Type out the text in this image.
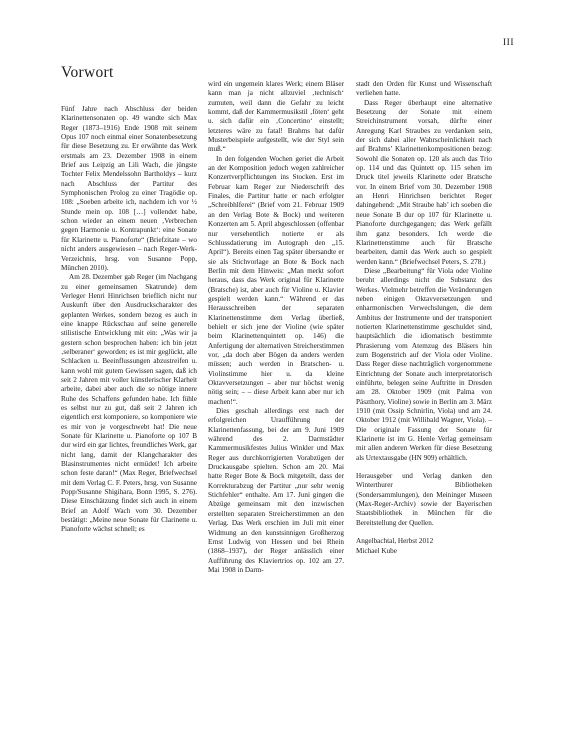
III
Vorwort

Fünf Jahre nach Abschluss der beiden Klarinettensonaten op. 49 wandte sich Max Reger (1873–1916) Ende 1908 mit seinem Opus 107 noch einmal einer Sonatenbesetzung für diese Besetzung zu. Er erwähnte das Werk erstmals am 23. Dezember 1908 in einem Brief aus Leipzig an Lili Wach, die jüngste Tochter Felix Mendelssohn Bartholdys – kurz nach Abschluss der Partitur des Symphonischen Prolog zu einer Tragödie op. 108: „Soeben arbeite ich, nachdem ich vor ½ Stunde mein op. 108 […] vollendet habe, schon wieder an einem neuen ‚Verbrechen gegen Harmonie u. Kontrapunkt‘: eine Sonate für Klarinette u. Pianoforte“ (Briefzitate – wo nicht anders ausgewiesen – nach Reger-Werk-Verzeichnis, hrsg. von Susanne Popp, München 2010).

Am 28. Dezember gab Reger (im Nachgang zu einer gemeinsamen Skatrunde) dem Verleger Henri Hinrichsen brieflich nicht nur Auskunft über den Ausdruckscharakter des geplanten Werkes, sondern bezog es auch in eine knappe Rückschau auf seine generelle stilistische Entwicklung mit ein: „Was wir ja gestern schon besprochen haben: ich bin jetzt ‚selberaner‘ geworden; es ist mir geglückt, alle Schlacken u. Beeinflussungen abzustreifen u. kann wohl mit gutem Gewissen sagen, daß ich seit 2 Jahren mit voller künstlerischer Klarheit arbeite, dabei aber auch die so nötige innere Ruhe des Schaffens gefunden habe. Ich fühle es selbst nur zu gut, daß seit 2 Jahren ich eigentlich erst komponiere, so komponiere wie es mir von je vorgeschwebt hat! Die neue Sonate für Klarinette u. Pianoforte op 107 B dur wird ein gar lichtes, freundliches Werk, gar nicht lang, damit der Klangcharakter des Blasinstrumentes nicht ermüdet! Ich arbeite schon feste daran!“ (Max Reger, Briefwechsel mit dem Verlag C. F. Peters, hrsg. von Susanne Popp/Susanne Shigihara, Bonn 1995, S. 276). Diese Einschätzung findet sich auch in einem Brief an Adolf Wach vom 30. Dezember bestätigt: „Meine neue Sonate für Clarinette u. Pianoforte wächst schnell; es

wird ein ungemein klares Werk; einem Bläser kann man ja nicht allzuviel ‚technisch‘ zumuten, weil dann die Gefahr zu leicht kommt, daß der Kammermusikstil ‚föten‘ geht u. sich dafür ein ‚Concertino‘ einstellt; letzteres wäre zu fatal! Brahms hat dafür Musterbeispiele aufgestellt, wie der Styl sein muß.“

In den folgenden Wochen geriet die Arbeit an der Komposition jedoch wegen zahlreicher Konzertverpflichtungen ins Stocken. Erst im Februar kam Reger zur Niederschrift des Finales, die Partitur hatte er nach erfolgter „Schreibhlferei“ (Brief vom 21. Februar 1909 an den Verlag Bote & Bock) und weiteren Konzerten am 5. April abgeschlossen (offenbar nur versehentlich notierte er als Schlussdatierung im Autograph den „15. April“). Bereits einen Tag später übersandte er sie als Stichvorlage an Bote & Bock nach Berlin mit dem Hinweis: „Man merkt sofort heraus, dass das Werk original für Klarinette (Bratsche) ist, aber auch für Violine u. Klavier gespielt werden kann.“ Während er das Herausschreiben der separaten Klarinettenstimme dem Verlag überließ, behielt er sich jene der Violine (wie später beim Klarinettenquintett op. 146) die Anfertigung der alternativen Streicherstimmen vor, „da doch aber Bögen da anders werden müssen; auch werden in Bratschen- u. Violinstimme hier u. da kleine Oktavversetzungen – aber nur höchst wenig nötig sein; – – diese Arbeit kann aber nur ich machen!“.

Dies geschah allerdings erst nach der erfolgreichen Uraufführung der Klarinettenfassung, bei der am 9. Juni 1909 während des 2. Darmstädter Kammermusikfestes Julius Winkler und Max Reger aus durchkorrigierten Vorabzügen der Druckausgabe spielten. Schon am 20. Mai hatte Reger Bote & Bock mitgeteilt, dass der Korrekturabzug der Partitur „nur sehr wenig Stichfehler“ enthalte. Am 17. Juni gingen die Abzüge gemeinsam mit den inzwischen erstellten separaten Streicherstimmen an den Verlag. Das Werk erschien im Juli mit einer Widmung an den kunstsinnigen Großherzog Ernst Ludwig von Hessen und bei Rhein (1868–1937), der Reger anlässlich einer Aufführung des Klaviertrios op. 102 am 27. Mai 1908 in Darm-

stadt den Orden für Kunst und Wissenschaft verliehen hatte.

Dass Reger überhaupt eine alternative Besetzung der Sonate mit einem Streichinstrument vorsah, dürfte einer Anregung Karl Straubes zu verdanken sein, der sich dabei aller Wahrscheinlichkeit nach auf Brahms’ Klarinettenkompositionen bezog: Sowohl die Sonaten op. 120 als auch das Trio op. 114 und das Quintett op. 115 sehen im Druck titel jeweils Klarinette oder Bratsche vor. In einem Brief vom 30. Dezember 1908 an Henri Hinrichsen berichtet Reger dahingehend: „Mit Straube hab’ ich soeben die neue Sonate B dur op 107 für Klarinette u. Pianoforte durchgegangen; das Werk gefällt ihm ganz besonders. Ich werde die Klarinettenstimme auch für Bratsche bearbeiten, damit das Werk auch so gespielt werden kann.“ (Briefwechsel Peters, S. 278.)

Diese „Bearbeitung“ für Viola oder Violine beruht allerdings nicht die Substanz des Werkes. Vielmehr betreffen die Veränderungen neben einigen Oktavversetzungen und enharmonischen Verwechslungen, die dem Ambitus der Instrumente und der transponiert notierten Klarinettenstimme geschuldet sind, hauptsächlich die idiomatisch bestimmte Phrasierung vom Atemzug des Bläsers hin zum Bogenstrich auf der Viola oder Violine. Dass Reger diese nachträglich vorgenommene Einrichtung der Sonate auch interpretatorisch einführte, belegen seine Auftritte in Dresden am 28. Oktober 1909 (mit Palma von Pászthory, Violine) sowie in Berlin am 3. März 1910 (mit Ossip Schnirlin, Viola) und am 24. Oktober 1912 (mit Willibald Wagner, Viola). – Die originale Fassung der Sonate für Klarinette ist im G. Henle Verlag gemeinsam mit allen anderen Werken für diese Besetzung als Urtextausgabe (HN 909) erhältlich.

Herausgeber und Verlag danken den Winterthurer Bibliotheken (Sondersammlungen), den Meininger Museen (Max-Reger-Archiv) sowie der Bayerischen Staatsbibliothek in München für die Bereitstellung der Quellen.

Angelbachtal, Herbst 2012

Michael Kube
